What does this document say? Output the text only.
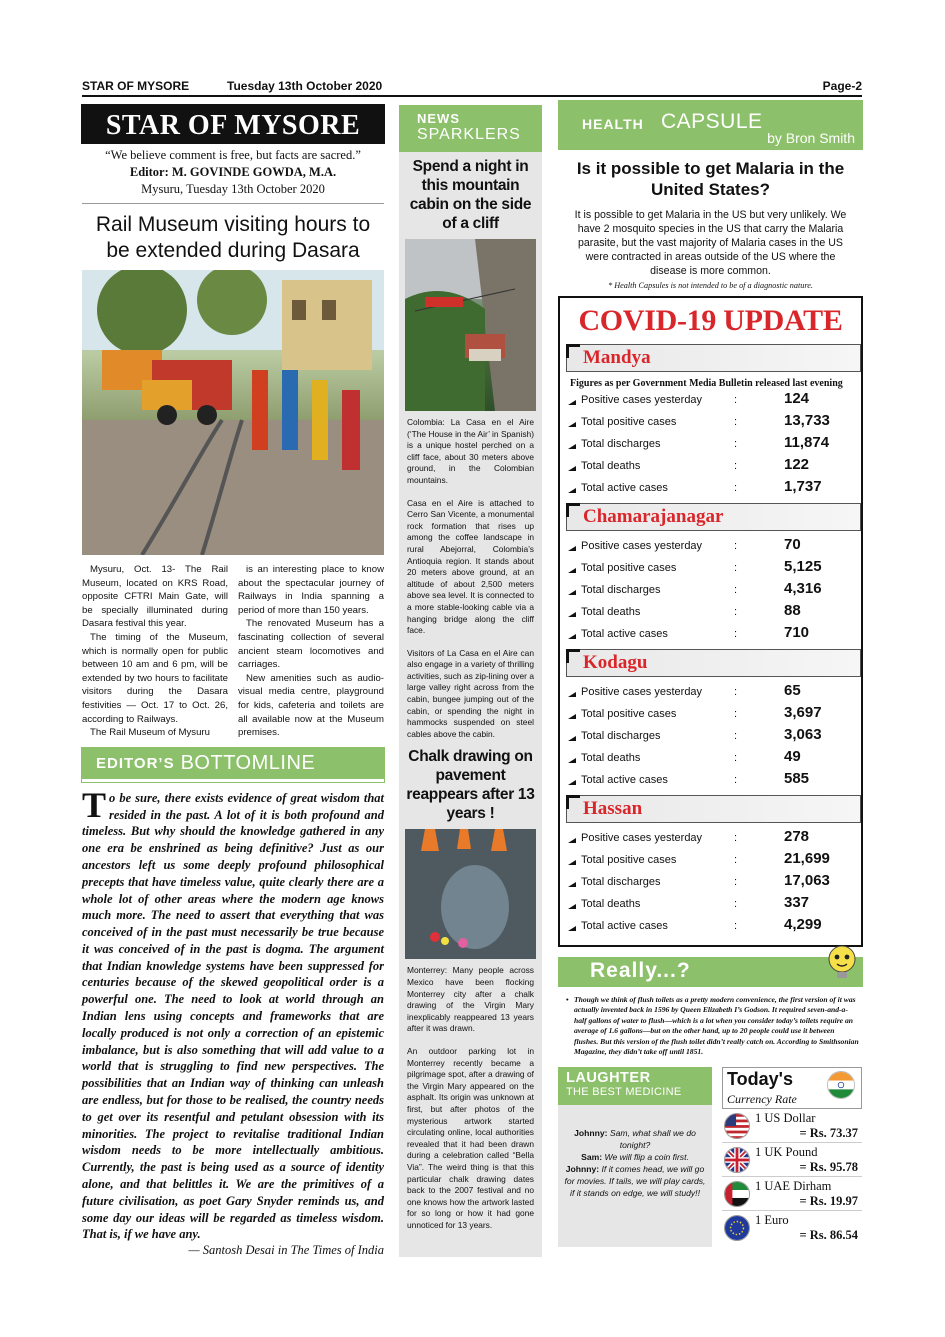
STAR OF MYSORE	Tuesday 13th October 2020	Page-2
STAR OF MYSORE
“We believe comment is free, but facts are sacred.”
Editor: M. GOVINDE GOWDA, M.A.
Mysuru, Tuesday 13th October 2020
Rail Museum visiting hours to be extended during Dasara

Mysuru, Oct. 13- The Rail Museum, located on KRS Road, opposite CFTRI Main Gate, will be specially illuminated during Dasara festival this year.

The timing of the Museum, which is normally open for public between 10 am and 6 pm, will be extended by two hours to facilitate visitors during the Dasara festivities — Oct. 17 to Oct. 26, according to Railways.

The Rail Museum of Mysuru

is an interesting place to know about the spectacular journey of Railways in India spanning a period of more than 150 years.

The renovated Museum has a fascinating collection of several ancient steam locomotives and carriages.

New amenities such as audio-visual media centre, playground for kids, cafeteria and toilets are all available now at the Museum premises.

EDITOR’S BOTTOMLINE
To be sure, there exists evidence of great wisdom that resided in the past. A lot of it is both profound and timeless. But why should the knowledge gathered in any one era be enshrined as being definitive? Just as our ancestors left us some deeply profound philosophical precepts that have timeless value, quite clearly there are a whole lot of other areas where the modern age knows much more. The need to assert that everything that was conceived of in the past must necessarily be true because it was conceived of in the past is dogma. The argument that Indian knowledge systems have been suppressed for centuries because of the skewed geopolitical order is a powerful one. The need to look at world through an Indian lens using concepts and frameworks that are locally produced is not only a correction of an epistemic imbalance, but is also something that will add value to a world that is struggling to find new perspectives. The possibilities that an Indian way of thinking can unleash are endless, but for those to be realised, the country needs to get over its resentful and petulant obsession with its minorities. The project to revitalise traditional Indian wisdom needs to be more intellectually ambitious. Currently, the past is being used as a source of identity alone, and that belittles it. We are the primitives of a future civilisation, as poet Gary Snyder reminds us, and some day our ideas will be regarded as timeless wisdom. That is, if we have any.
— Santosh Desai in The Times of India
NEWS
SPARKLERS
Spend a night in this mountain cabin on the side of a cliff

Colombia: La Casa en el Aire (‘The House in the Air’ in Spanish) is a unique hostel perched on a cliff face, about 30 meters above ground, in the Colombian mountains.

Casa en el Aire is attached to Cerro San Vicente, a monumental rock formation that rises up among the coffee landscape in rural Abejorral, Colombia’s Antioquia region. It stands about 20 meters above ground, at an altitude of about 2,500 meters above sea level. It is connected to a more stable-looking cable via a hanging bridge along the cliff face.

Visitors of La Casa en el Aire can also engage in a variety of thrilling activities, such as zip-lining over a large valley right across from the cabin, bungee jumping out of the cabin, or spending the night in hammocks suspended on steel cables above the cabin.

Chalk drawing on pavement reappears after 13 years !

Monterrey: Many people across Mexico have been flocking Monterrey city after a chalk drawing of the Virgin Mary inexplicably reappeared 13 years after it was drawn.

An outdoor parking lot in Monterrey recently became a pilgrimage spot, after a drawing of the Virgin Mary appeared on the asphalt. Its origin was unknown at first, but after photos of the mysterious artwork started circulating online, local authorities revealed that it had been drawn during a celebration called “Bella Via”. The weird thing is that this particular chalk drawing dates back to the 2007 festival and no one knows how the artwork lasted for so long or how it had gone unnoticed for 13 years.

HEALTH CAPSULE
by Bron Smith
Is it possible to get Malaria in the United States?
It is possible to get Malaria in the US but very unlikely. We have 2 mosquito species in the US that carry the Malaria parasite, but the vast majority of Malaria cases in the US were contracted in areas outside of the US where the disease is more common.
* Health Capsules is not intended to be of a diagnostic nature.
COVID-19 UPDATE
Mandya
Figures as per Government Media Bulletin released last evening
Positive cases yesterday	:	124
Total positive cases	:	13,733
Total discharges	:	11,874
Total deaths	:	122
Total active cases	:	1,737
Chamarajanagar
Positive cases yesterday	:	70
Total positive cases	:	5,125
Total discharges	:	4,316
Total deaths	:	88
Total active cases	:	710
Kodagu
Positive cases yesterday	:	65
Total positive cases	:	3,697
Total discharges	:	3,063
Total deaths	:	49
Total active cases	:	585
Hassan
Positive cases yesterday	:	278
Total positive cases	:	21,699
Total discharges	:	17,063
Total deaths	:	337
Total active cases	:	4,299
Really...?
• Though we think of flush toilets as a pretty modern convenience, the first version of it was actually invented back in 1596 by Queen Elizabeth I’s Godson. It required seven-and-a-half gallons of water to flush—which is a lot when you consider today’s toilets require an average of 1.6 gallons—but on the other hand, up to 20 people could use it between flushes. But this version of the flush toilet didn’t really catch on. According to Smithsonian Magazine, they didn’t take off until 1851.
LAUGHTER
THE BEST MEDICINE
Johnny: Sam, what shall we do tonight?
Sam: We will flip a coin first.
Johnny: If it comes head, we will go for movies. If tails, we will play cards, if it stands on edge, we will study!!
Today's
Currency Rate
1 US Dollar
= Rs. 73.37
1 UK Pound
= Rs. 95.78
1 UAE Dirham
= Rs. 19.97
1 Euro
= Rs. 86.54
